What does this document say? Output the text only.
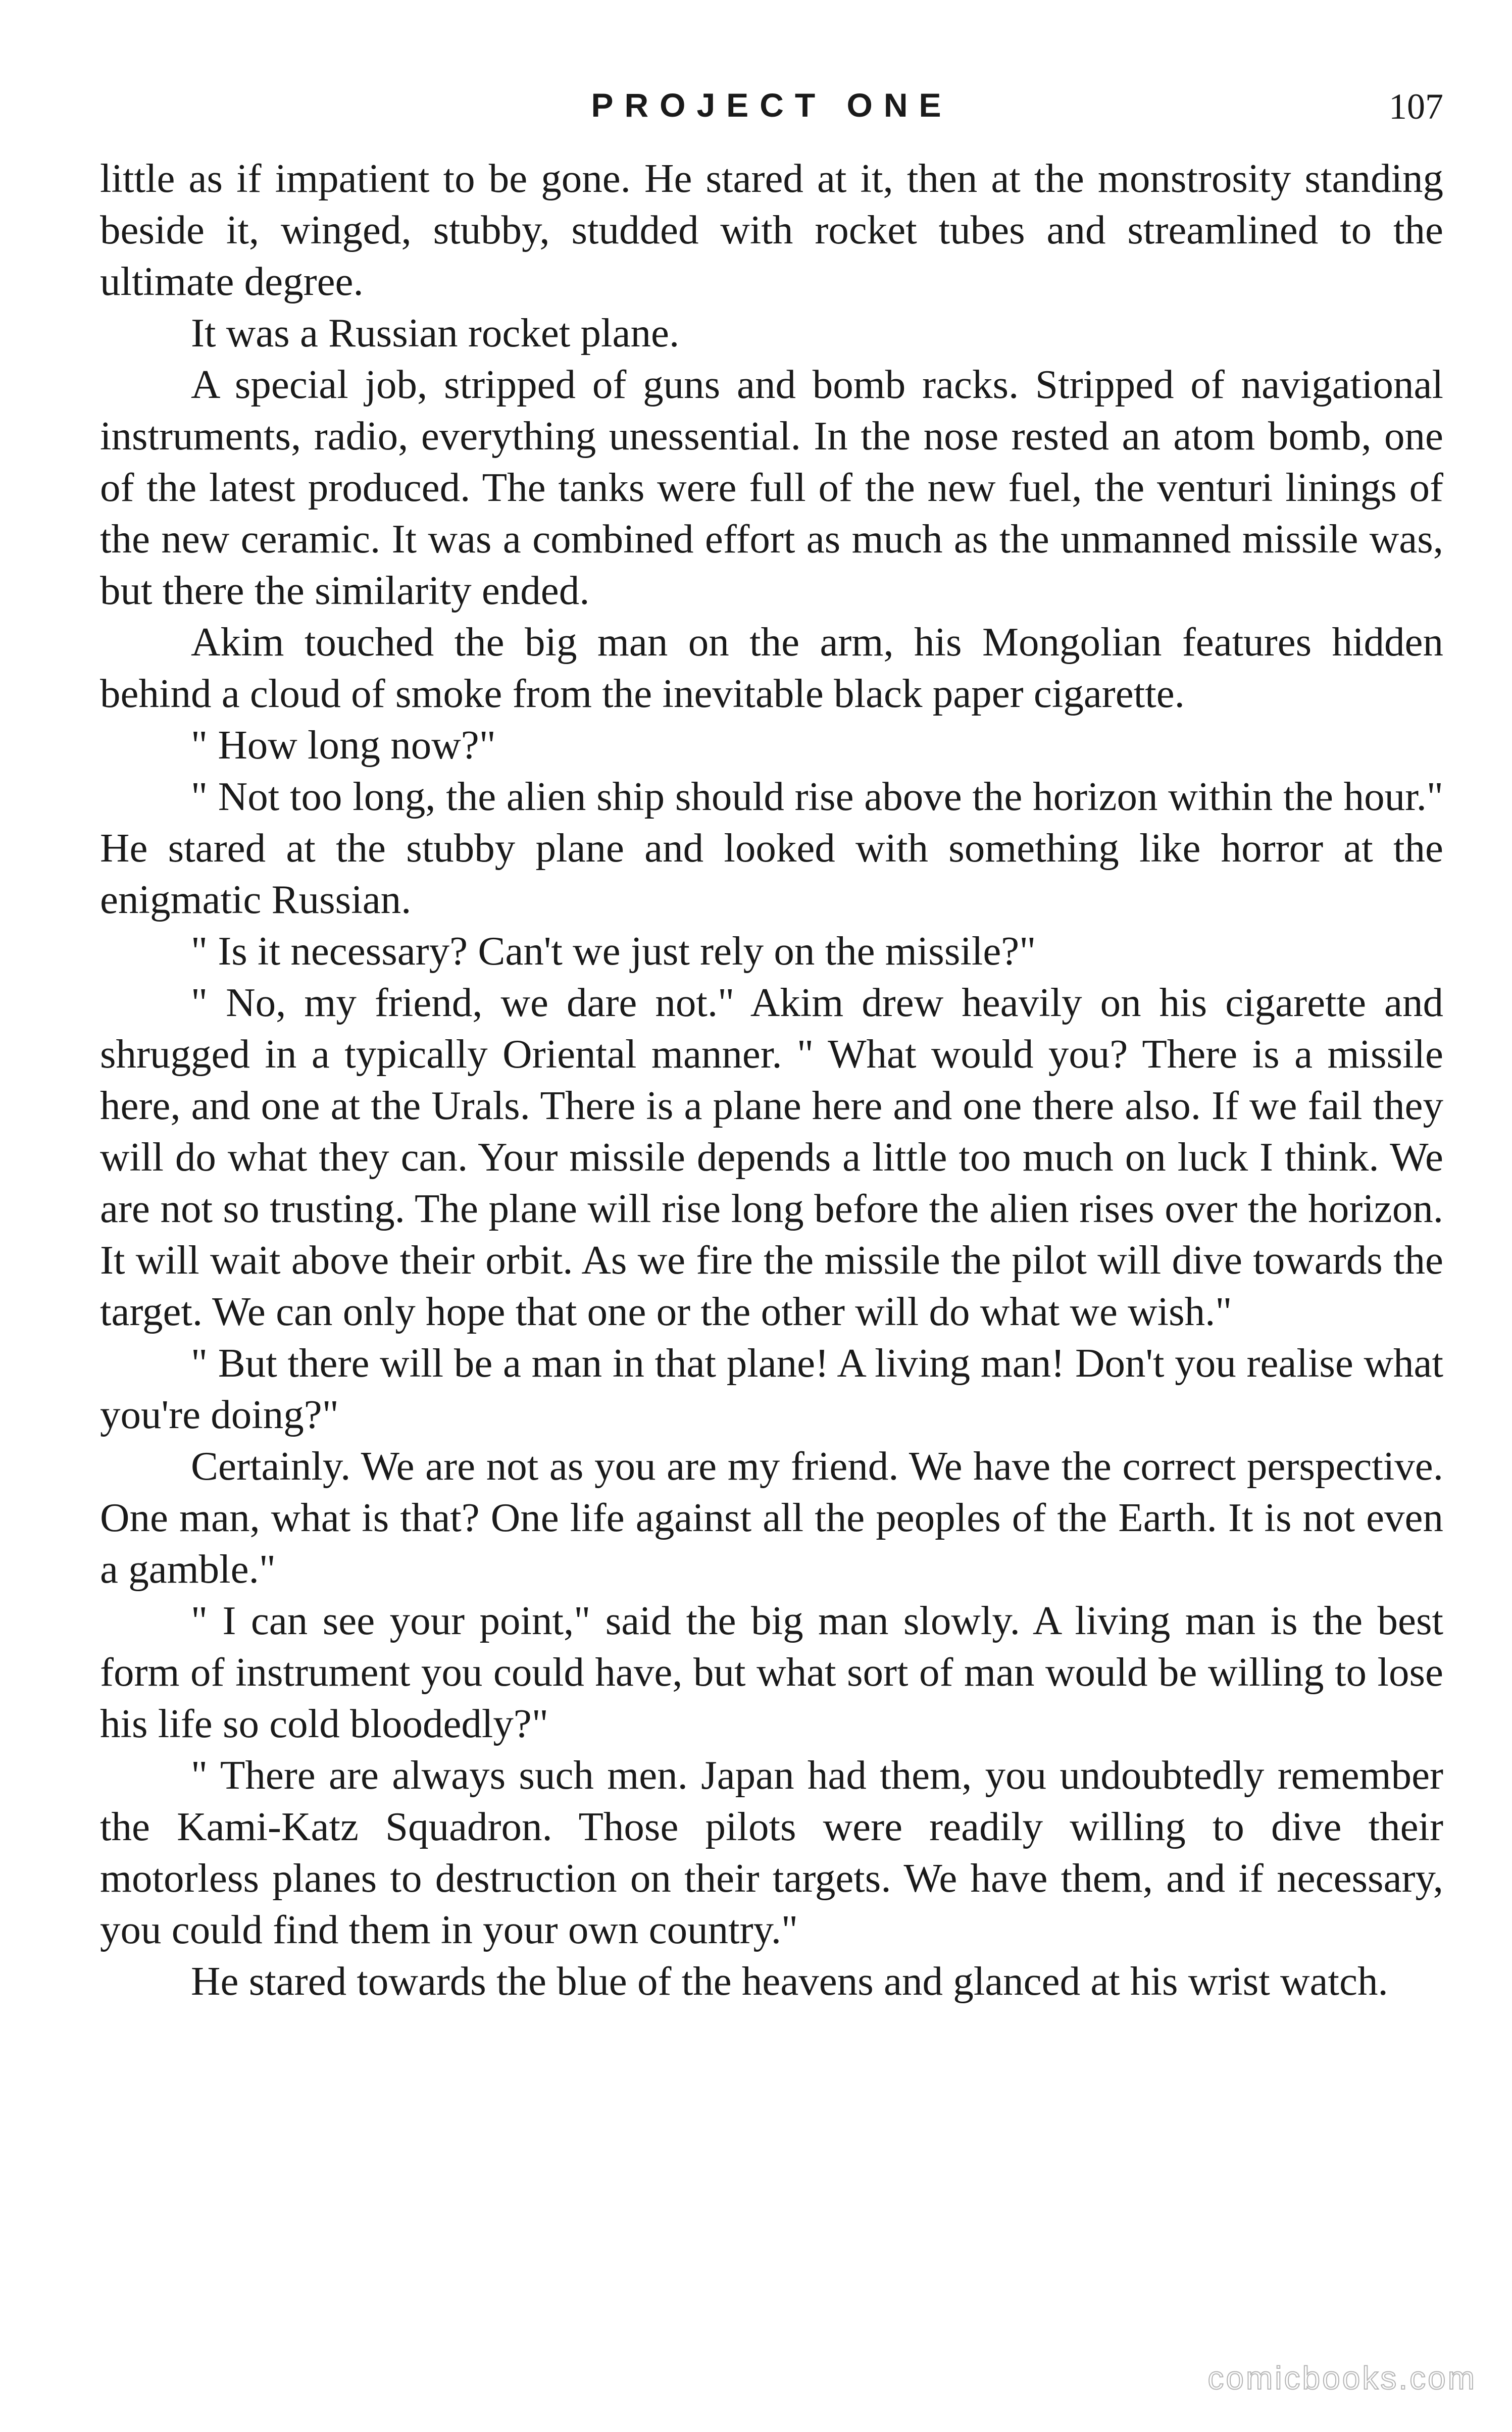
PROJECT ONE	107

little as if impatient to be gone. He stared at it, then at the monstrosity standing beside it, winged, stubby, studded with rocket tubes and streamlined to the ultimate degree.

It was a Russian rocket plane.

A special job, stripped of guns and bomb racks. Stripped of navigational instruments, radio, everything unessential. In the nose rested an atom bomb, one of the latest produced. The tanks were full of the new fuel, the venturi linings of the new ceramic. It was a combined effort as much as the unmanned missile was, but there the similarity ended.

Akim touched the big man on the arm, his Mongolian features hidden behind a cloud of smoke from the inevitable black paper cigarette.

" How long now?"

" Not too long, the alien ship should rise above the horizon within the hour." He stared at the stubby plane and looked with something like horror at the enigmatic Russian.

" Is it necessary? Can't we just rely on the missile?"

" No, my friend, we dare not." Akim drew heavily on his cigarette and shrugged in a typically Oriental manner. " What would you? There is a missile here, and one at the Urals. There is a plane here and one there also. If we fail they will do what they can. Your missile depends a little too much on luck I think. We are not so trusting. The plane will rise long before the alien rises over the horizon. It will wait above their orbit. As we fire the missile the pilot will dive towards the target. We can only hope that one or the other will do what we wish."

" But there will be a man in that plane! A living man! Don't you realise what you're doing?"

Certainly. We are not as you are my friend. We have the correct perspective. One man, what is that? One life against all the peoples of the Earth. It is not even a gamble."

" I can see your point," said the big man slowly. A living man is the best form of instrument you could have, but what sort of man would be willing to lose his life so cold bloodedly?"

" There are always such men. Japan had them, you undoubtedly remember the Kami-Katz Squadron. Those pilots were readily willing to dive their motorless planes to destruction on their targets. We have them, and if necessary, you could find them in your own country."

He stared towards the blue of the heavens and glanced at his wrist watch.

comicbooks.com
